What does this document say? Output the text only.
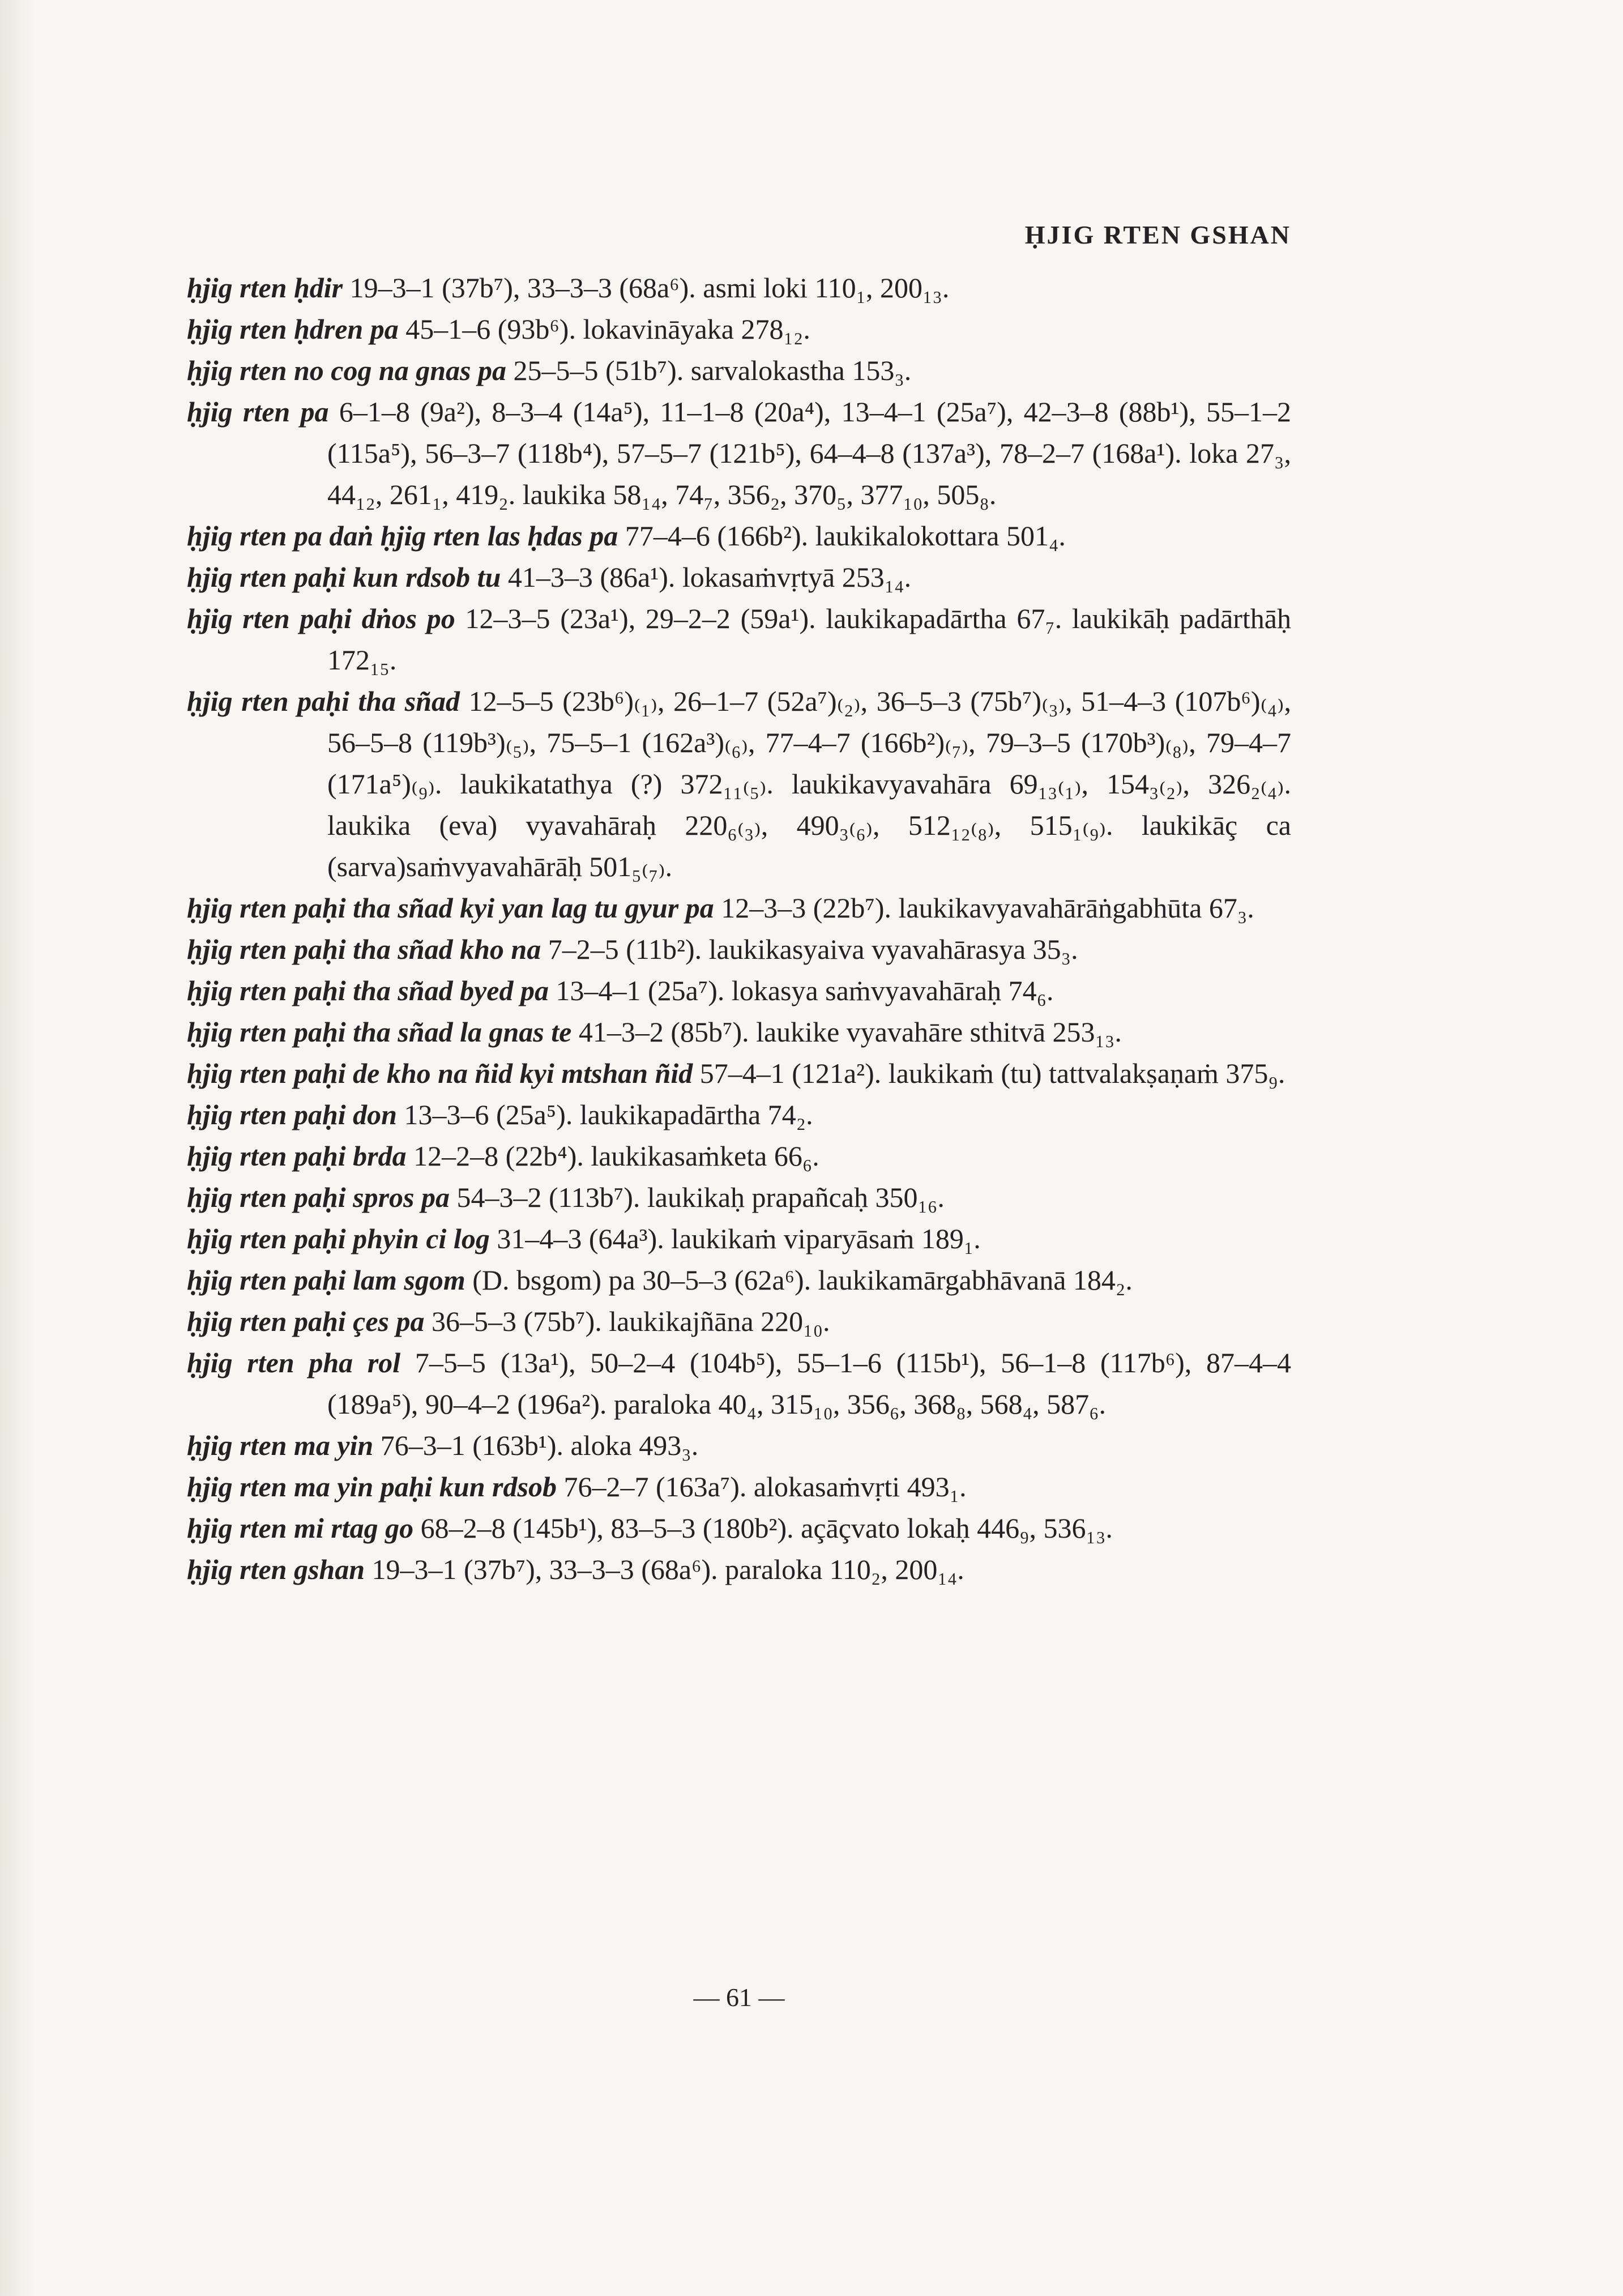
ḤJIG RTEN GSHAN
ḥjig rten ḥdir 19–3–1 (37b⁷), 33–3–3 (68a⁶). asmi loki 110₁, 200₁₃.
ḥjig rten ḥdren pa 45–1–6 (93b⁶). lokavināyaka 278₁₂.
ḥjig rten no cog na gnas pa 25–5–5 (51b⁷). sarvalokastha 153₃.
ḥjig rten pa 6–1–8 (9a²), 8–3–4 (14a⁵), 11–1–8 (20a⁴), 13–4–1 (25a⁷), 42–3–8 (88b¹), 55–1–2 (115a⁵), 56–3–7 (118b⁴), 57–5–7 (121b⁵), 64–4–8 (137a³), 78–2–7 (168a¹). loka 27₃, 44₁₂, 261₁, 419₂. laukika 58₁₄, 74₇, 356₂, 370₅, 377₁₀, 505₈.
ḥjig rten pa daṅ ḥjig rten las ḥdas pa 77–4–6 (166b²). laukikalokottara 501₄.
ḥjig rten paḥi kun rdsob tu 41–3–3 (86a¹). lokasaṁvṛtyā 253₁₄.
ḥjig rten paḥi dṅos po 12–3–5 (23a¹), 29–2–2 (59a¹). laukikapadārtha 67₇. laukikāḥ padārthāḥ 172₁₅.
ḥjig rten paḥi tha sñad 12–5–5 (23b⁶)₍₁₎, 26–1–7 (52a⁷)₍₂₎, 36–5–3 (75b⁷)₍₃₎, 51–4–3 (107b⁶)₍₄₎, 56–5–8 (119b³)₍₅₎, 75–5–1 (162a³)₍₆₎, 77–4–7 (166b²)₍₇₎, 79–3–5 (170b³)₍₈₎, 79–4–7 (171a⁵)₍₉₎. laukikatathya (?) 372₁₁₍₅₎. laukikavyavahāra 69₁₃₍₁₎, 154₃₍₂₎, 326₂₍₄₎. laukika (eva) vyavahāraḥ 220₆₍₃₎, 490₃₍₆₎, 512₁₂₍₈₎, 515₁₍₉₎. laukikāç ca (sarva)saṁvyavahārāḥ 501₅₍₇₎.
ḥjig rten paḥi tha sñad kyi yan lag tu gyur pa 12–3–3 (22b⁷). laukikavyavahārāṅgabhūta 67₃.
ḥjig rten paḥi tha sñad kho na 7–2–5 (11b²). laukikasyaiva vyavahārasya 35₃.
ḥjig rten paḥi tha sñad byed pa 13–4–1 (25a⁷). lokasya saṁvyavahāraḥ 74₆.
ḥjig rten paḥi tha sñad la gnas te 41–3–2 (85b⁷). laukike vyavahāre sthitvā 253₁₃.
ḥjig rten paḥi de kho na ñid kyi mtshan ñid 57–4–1 (121a²). laukikaṁ (tu) tattvalakṣaṇaṁ 375₉.
ḥjig rten paḥi don 13–3–6 (25a⁵). laukikapadārtha 74₂.
ḥjig rten paḥi brda 12–2–8 (22b⁴). laukikasaṁketa 66₆.
ḥjig rten paḥi spros pa 54–3–2 (113b⁷). laukikaḥ prapañcaḥ 350₁₆.
ḥjig rten paḥi phyin ci log 31–4–3 (64a³). laukikaṁ viparyāsaṁ 189₁.
ḥjig rten paḥi lam sgom (D. bsgom) pa 30–5–3 (62a⁶). laukikamārgabhāvanā 184₂.
ḥjig rten paḥi çes pa 36–5–3 (75b⁷). laukikajñāna 220₁₀.
ḥjig rten pha rol 7–5–5 (13a¹), 50–2–4 (104b⁵), 55–1–6 (115b¹), 56–1–8 (117b⁶), 87–4–4 (189a⁵), 90–4–2 (196a²). paraloka 40₄, 315₁₀, 356₆, 368₈, 568₄, 587₆.
ḥjig rten ma yin 76–3–1 (163b¹). aloka 493₃.
ḥjig rten ma yin paḥi kun rdsob 76–2–7 (163a⁷). alokasaṁvṛti 493₁.
ḥjig rten mi rtag go 68–2–8 (145b¹), 83–5–3 (180b²). açāçvato lokaḥ 446₉, 536₁₃.
ḥjig rten gshan 19–3–1 (37b⁷), 33–3–3 (68a⁶). paraloka 110₂, 200₁₄.
— 61 —
